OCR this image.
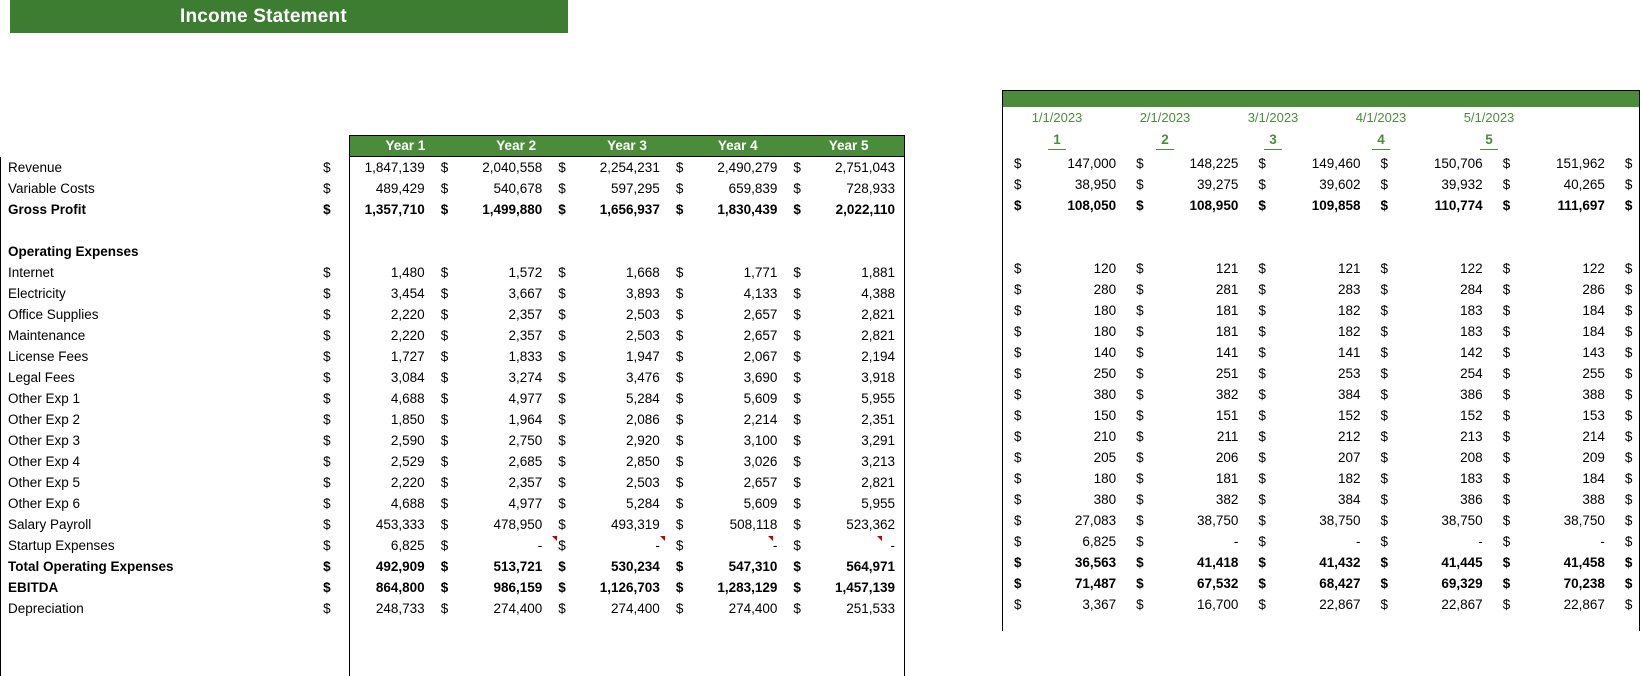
Income Statement
Year 1	Year 2	Year 3	Year 4	Year 5
Revenue	$	1,847,139	$	2,040,558	$	2,254,231	$	2,490,279	$	2,751,043
Variable Costs	$	489,429	$	540,678	$	597,295	$	659,839	$	728,933
Gross Profit	$	1,357,710	$	1,499,880	$	1,656,937	$	1,830,439	$	2,022,110

Operating Expenses										
Internet	$	1,480	$	1,572	$	1,668	$	1,771	$	1,881
Electricity	$	3,454	$	3,667	$	3,893	$	4,133	$	4,388
Office Supplies	$	2,220	$	2,357	$	2,503	$	2,657	$	2,821
Maintenance	$	2,220	$	2,357	$	2,503	$	2,657	$	2,821
License Fees	$	1,727	$	1,833	$	1,947	$	2,067	$	2,194
Legal Fees	$	3,084	$	3,274	$	3,476	$	3,690	$	3,918
Other Exp 1	$	4,688	$	4,977	$	5,284	$	5,609	$	5,955
Other Exp 2	$	1,850	$	1,964	$	2,086	$	2,214	$	2,351
Other Exp 3	$	2,590	$	2,750	$	2,920	$	3,100	$	3,291
Other Exp 4	$	2,529	$	2,685	$	2,850	$	3,026	$	3,213
Other Exp 5	$	2,220	$	2,357	$	2,503	$	2,657	$	2,821
Other Exp 6	$	4,688	$	4,977	$	5,284	$	5,609	$	5,955
Salary Payroll	$	453,333	$	478,950	$	493,319	$	508,118	$	523,362
Startup Expenses	$	6,825	$	-	$	-	$	-	$	-
Total Operating Expenses	$	492,909	$	513,721	$	530,234	$	547,310	$	564,971
EBITDA	$	864,800	$	986,159	$	1,126,703	$	1,283,129	$	1,457,139
Depreciation	$	248,733	$	274,400	$	274,400	$	274,400	$	251,533
1/1/2023	2/1/2023	3/1/2023	4/1/2023	5/1/2023
1	2	3	4	5
$	147,000	$	148,225	$	149,460	$	150,706	$	151,962	$
$	38,950	$	39,275	$	39,602	$	39,932	$	40,265	$
$	108,050	$	108,950	$	109,858	$	110,774	$	111,697	$

$	120	$	121	$	121	$	122	$	122	$
$	280	$	281	$	283	$	284	$	286	$
$	180	$	181	$	182	$	183	$	184	$
$	180	$	181	$	182	$	183	$	184	$
$	140	$	141	$	141	$	142	$	143	$
$	250	$	251	$	253	$	254	$	255	$
$	380	$	382	$	384	$	386	$	388	$
$	150	$	151	$	152	$	152	$	153	$
$	210	$	211	$	212	$	213	$	214	$
$	205	$	206	$	207	$	208	$	209	$
$	180	$	181	$	182	$	183	$	184	$
$	380	$	382	$	384	$	386	$	388	$
$	27,083	$	38,750	$	38,750	$	38,750	$	38,750	$
$	6,825	$	-	$	-	$	-	$	-	$
$	36,563	$	41,418	$	41,432	$	41,445	$	41,458	$
$	71,487	$	67,532	$	68,427	$	69,329	$	70,238	$
$	3,367	$	16,700	$	22,867	$	22,867	$	22,867	$
